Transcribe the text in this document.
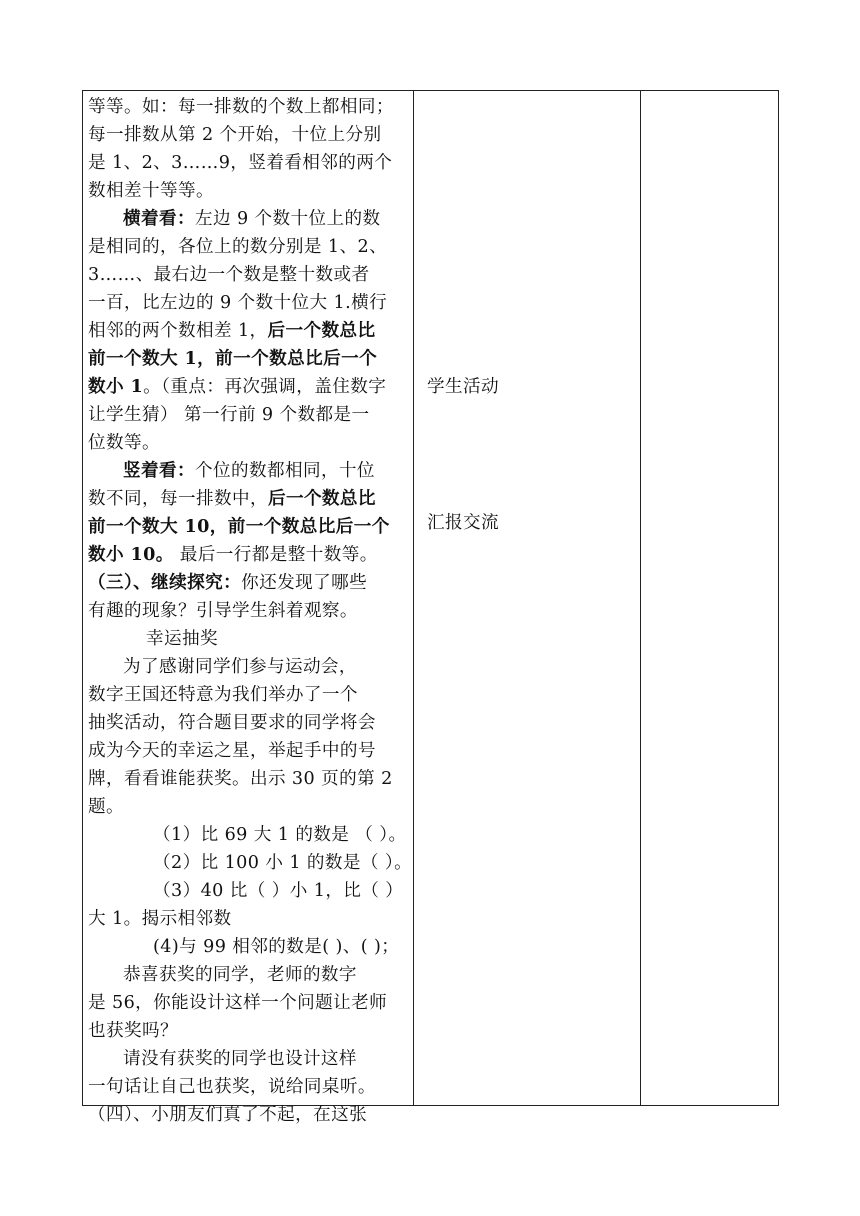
等等。如：每一排数的个数上都相同；
每一排数从第 2 个开始，十位上分别
是 1、2、3……9，竖着看相邻的两个
数相差十等等。
横着看：左边 9 个数十位上的数
是相同的，各位上的数分别是 1、2、
3……、最右边一个数是整十数或者
一百，比左边的 9 个数十位大 1.横行
相邻的两个数相差 1，后一个数总比
前一个数大 1，前一个数总比后一个
数小 1。（重点：再次强调，盖住数字
让学生猜） 第一行前 9 个数都是一
位数等。
竖着看：个位的数都相同，十位
数不同，每一排数中，后一个数总比
前一个数大 10，前一个数总比后一个
数小 10。 最后一行都是整十数等。
（三）、继续探究：你还发现了哪些
有趣的现象？引导学生斜着观察。
幸运抽奖
为了感谢同学们参与运动会，
数字王国还特意为我们举办了一个
抽奖活动，符合题目要求的同学将会
成为今天的幸运之星，举起手中的号
牌，看看谁能获奖。出示 30 页的第 2
题。
（1）比 69 大 1 的数是 （ ）。
（2）比 100 小 1 的数是（ ）。
（3）40 比（ ）小 1，比（ ）
大 1。揭示相邻数
(4)与 99 相邻的数是( )、( )；
恭喜获奖的同学，老师的数字
是 56，你能设计这样一个问题让老师
也获奖吗？
请没有获奖的同学也设计这样
一句话让自己也获奖，说给同桌听。
（四）、小朋友们真了不起，在这张
学生活动
汇报交流
